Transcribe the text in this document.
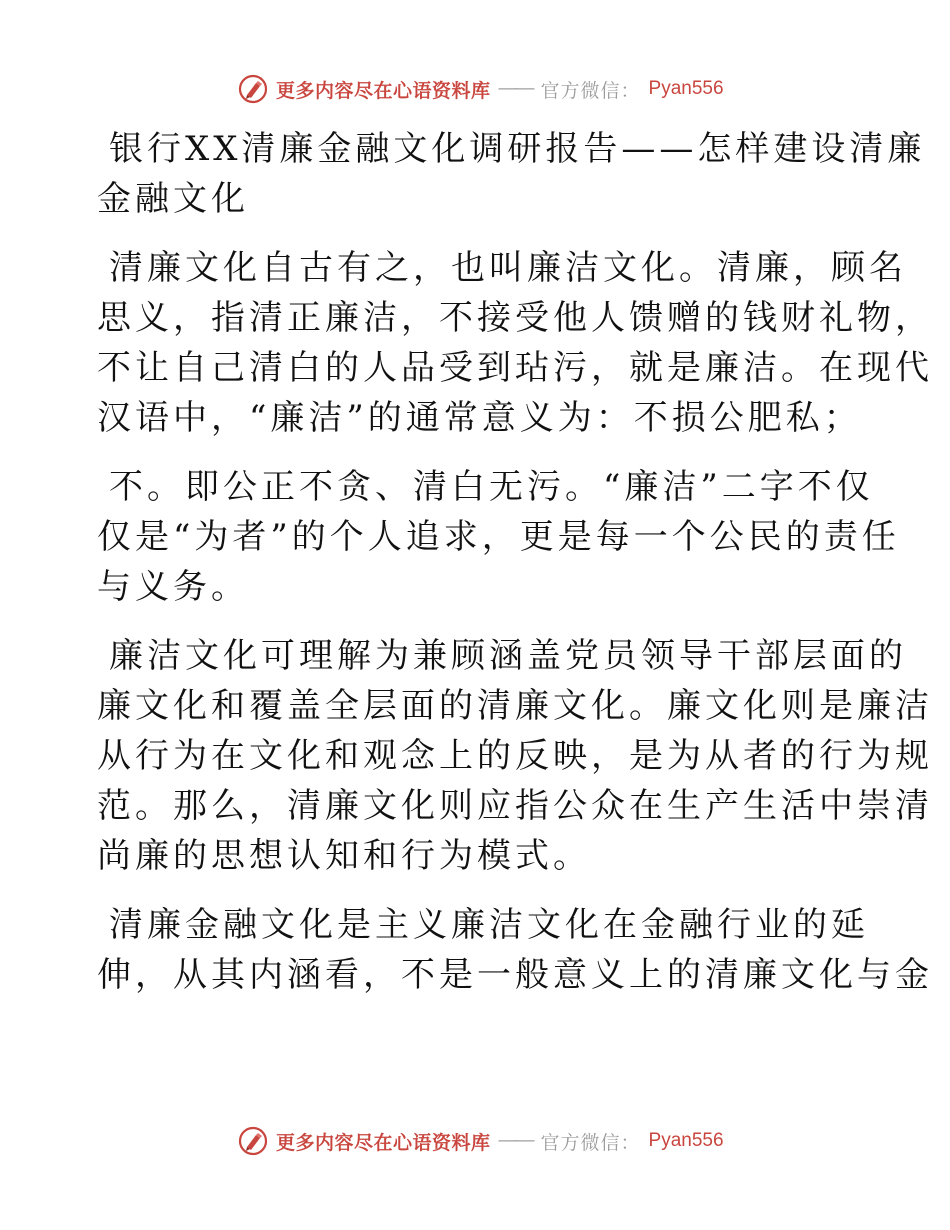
更多内容尽在心语资料库 —— 官方微信： Pyan556
银行XX清廉金融文化调研报告——怎样建设清廉
金融文化
清廉文化自古有之，也叫廉洁文化。清廉，顾名
思义，指清正廉洁，不接受他人馈赠的钱财礼物，
不让自己清白的人品受到玷污，就是廉洁。在现代
汉语中，“廉洁”的通常意义为：不损公肥私；
不。即公正不贪、清白无污。“廉洁”二字不仅
仅是“为者”的个人追求，更是每一个公民的责任
与义务。
廉洁文化可理解为兼顾涵盖党员领导干部层面的
廉文化和覆盖全层面的清廉文化。廉文化则是廉洁
从行为在文化和观念上的反映，是为从者的行为规
范。那么，清廉文化则应指公众在生产生活中崇清
尚廉的思想认知和行为模式。
清廉金融文化是主义廉洁文化在金融行业的延
伸，从其内涵看，不是一般意义上的清廉文化与金
更多内容尽在心语资料库 —— 官方微信： Pyan556
